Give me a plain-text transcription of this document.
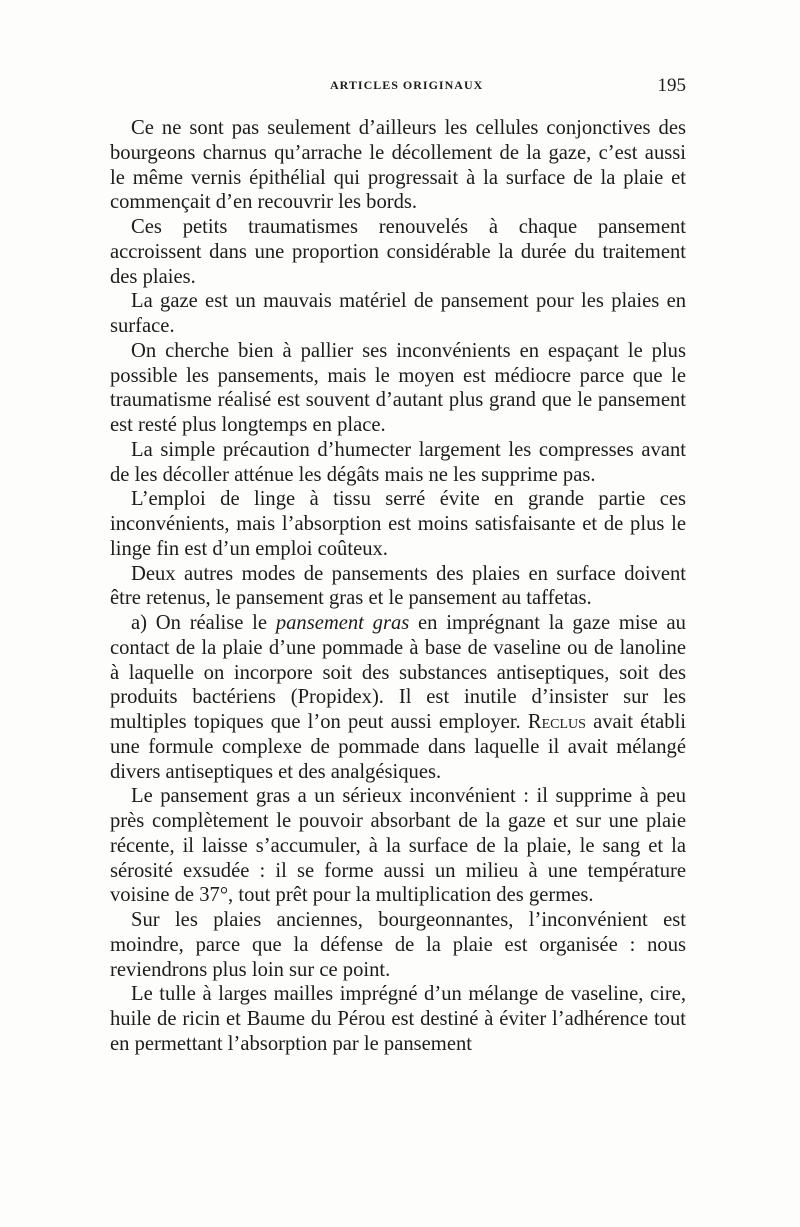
ARTICLES ORIGINAUX	195

Ce ne sont pas seulement d’ailleurs les cellules conjonctives des bourgeons charnus qu’arrache le décollement de la gaze, c’est aussi le même vernis épithélial qui progressait à la surface de la plaie et commençait d’en recouvrir les bords.

Ces petits traumatismes renouvelés à chaque pansement accroissent dans une proportion considérable la durée du traitement des plaies.

La gaze est un mauvais matériel de pansement pour les plaies en surface.

On cherche bien à pallier ses inconvénients en espaçant le plus possible les pansements, mais le moyen est médiocre parce que le traumatisme réalisé est souvent d’autant plus grand que le pansement est resté plus longtemps en place.

La simple précaution d’humecter largement les compresses avant de les décoller atténue les dégâts mais ne les supprime pas.

L’emploi de linge à tissu serré évite en grande partie ces inconvénients, mais l’absorption est moins satisfaisante et de plus le linge fin est d’un emploi coûteux.

Deux autres modes de pansements des plaies en surface doivent être retenus, le pansement gras et le pansement au taffetas.

a) On réalise le pansement gras en imprégnant la gaze mise au contact de la plaie d’une pommade à base de vaseline ou de lanoline à laquelle on incorpore soit des substances antiseptiques, soit des produits bactériens (Propidex). Il est inutile d’insister sur les multiples topiques que l’on peut aussi employer. Reclus avait établi une formule complexe de pommade dans laquelle il avait mélangé divers antiseptiques et des analgésiques.

Le pansement gras a un sérieux inconvénient : il supprime à peu près complètement le pouvoir absorbant de la gaze et sur une plaie récente, il laisse s’accumuler, à la surface de la plaie, le sang et la sérosité exsudée : il se forme aussi un milieu à une température voisine de 37°, tout prêt pour la multiplication des germes.

Sur les plaies anciennes, bourgeonnantes, l’inconvénient est moindre, parce que la défense de la plaie est organisée : nous reviendrons plus loin sur ce point.

Le tulle à larges mailles imprégné d’un mélange de vaseline, cire, huile de ricin et Baume du Pérou est destiné à éviter l’adhérence tout en permettant l’absorption par le pansement
